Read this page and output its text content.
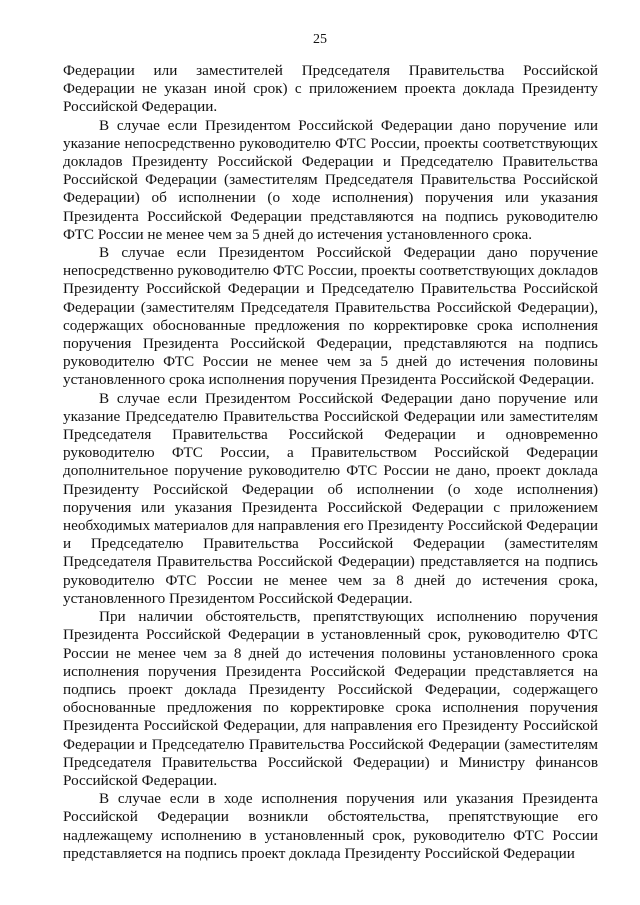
25

Федерации или заместителей Председателя Правительства Российской Федерации не указан иной срок) с приложением проекта доклада Президенту Российской Федерации.

В случае если Президентом Российской Федерации дано поручение или указание непосредственно руководителю ФТС России, проекты соответствующих докладов Президенту Российской Федерации и Председателю Правительства Российской Федерации (заместителям Председателя Правительства Российской Федерации) об исполнении (о ходе исполнения) поручения или указания Президента Российской Федерации представляются на подпись руководителю ФТС России не менее чем за 5 дней до истечения установленного срока.

В случае если Президентом Российской Федерации дано поручение непосредственно руководителю ФТС России, проекты соответствующих докладов Президенту Российской Федерации и Председателю Правительства Российской Федерации (заместителям Председателя Правительства Российской Федерации), содержащих обоснованные предложения по корректировке срока исполнения поручения Президента Российской Федерации, представляются на подпись руководителю ФТС России не менее чем за 5 дней до истечения половины установленного срока исполнения поручения Президента Российской Федерации.

В случае если Президентом Российской Федерации дано поручение или указание Председателю Правительства Российской Федерации или заместителям Председателя Правительства Российской Федерации и одновременно руководителю ФТС России, а Правительством Российской Федерации дополнительное поручение руководителю ФТС России не дано, проект доклада Президенту Российской Федерации об исполнении (о ходе исполнения) поручения или указания Президента Российской Федерации с приложением необходимых материалов для направления его Президенту Российской Федерации и Председателю Правительства Российской Федерации (заместителям Председателя Правительства Российской Федерации) представляется на подпись руководителю ФТС России не менее чем за 8 дней до истечения срока, установленного Президентом Российской Федерации.

При наличии обстоятельств, препятствующих исполнению поручения Президента Российской Федерации в установленный срок, руководителю ФТС России не менее чем за 8 дней до истечения половины установленного срока исполнения поручения Президента Российской Федерации представляется на подпись проект доклада Президенту Российской Федерации, содержащего обоснованные предложения по корректировке срока исполнения поручения Президента Российской Федерации, для направления его Президенту Российской Федерации и Председателю Правительства Российской Федерации (заместителям Председателя Правительства Российской Федерации) и Министру финансов Российской Федерации.

В случае если в ходе исполнения поручения или указания Президента Российской Федерации возникли обстоятельства, препятствующие его надлежащему исполнению в установленный срок, руководителю ФТС России представляется на подпись проект доклада Президенту Российской Федерации
